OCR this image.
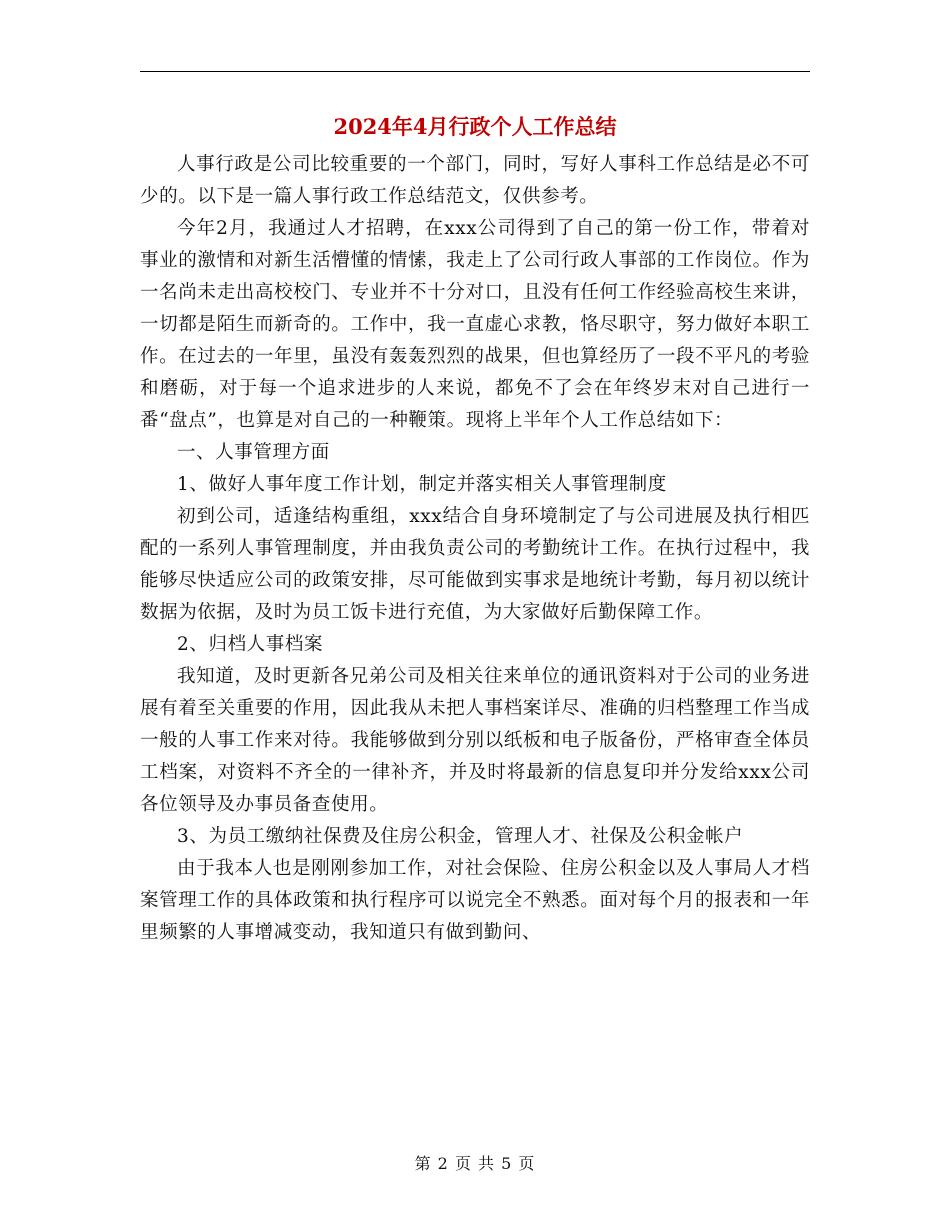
2024年4月行政个人工作总结

人事行政是公司比较重要的一个部门，同时，写好人事科工作总结是必不可少的。以下是一篇人事行政工作总结范文，仅供参考。

今年2月，我通过人才招聘，在xxx公司得到了自己的第一份工作，带着对事业的激情和对新生活懵懂的情愫，我走上了公司行政人事部的工作岗位。作为一名尚未走出高校校门、专业并不十分对口，且没有任何工作经验高校生来讲，一切都是陌生而新奇的。工作中，我一直虚心求教，恪尽职守，努力做好本职工作。在过去的一年里，虽没有轰轰烈烈的战果，但也算经历了一段不平凡的考验和磨砺，对于每一个追求进步的人来说，都免不了会在年终岁末对自己进行一番“盘点”，也算是对自己的一种鞭策。现将上半年个人工作总结如下：

一、人事管理方面

1、做好人事年度工作计划，制定并落实相关人事管理制度

初到公司，适逢结构重组，xxx结合自身环境制定了与公司进展及执行相匹配的一系列人事管理制度，并由我负责公司的考勤统计工作。在执行过程中，我能够尽快适应公司的政策安排，尽可能做到实事求是地统计考勤，每月初以统计数据为依据，及时为员工饭卡进行充值，为大家做好后勤保障工作。

2、归档人事档案

我知道，及时更新各兄弟公司及相关往来单位的通讯资料对于公司的业务进展有着至关重要的作用，因此我从未把人事档案详尽、准确的归档整理工作当成一般的人事工作来对待。我能够做到分别以纸板和电子版备份，严格审查全体员工档案，对资料不齐全的一律补齐，并及时将最新的信息复印并分发给xxx公司各位领导及办事员备查使用。

3、为员工缴纳社保费及住房公积金，管理人才、社保及公积金帐户

由于我本人也是刚刚参加工作，对社会保险、住房公积金以及人事局人才档案管理工作的具体政策和执行程序可以说完全不熟悉。面对每个月的报表和一年里频繁的人事增减变动，我知道只有做到勤问、

第 2 页 共 5 页
